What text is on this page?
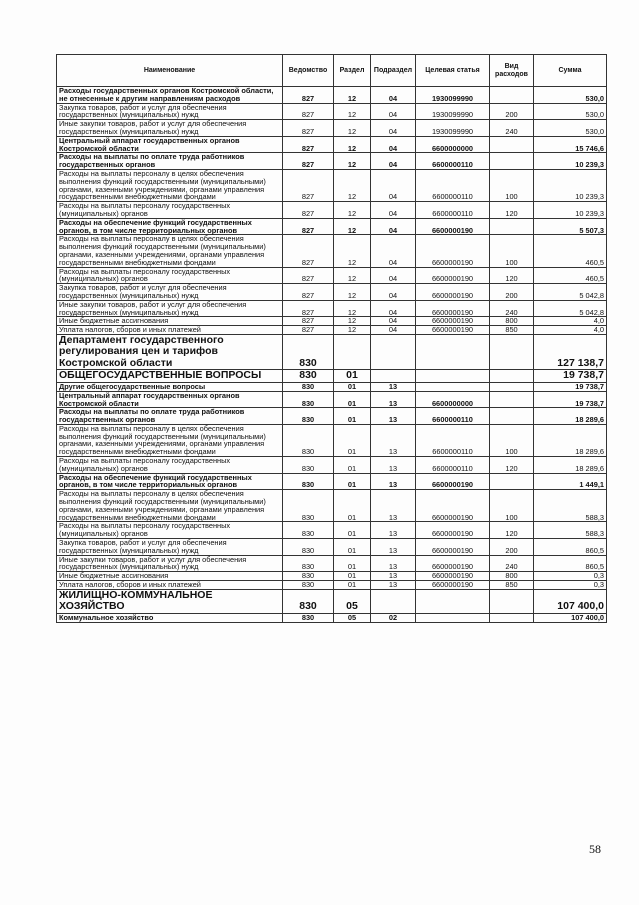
Наименование	Ведомство	Раздел	Подраздел	Целевая статья	Вид расходов	Сумма
Расходы государственных органов Костромской области, не отнесенные к другим направлениям расходов	827	12	04	1930099990		530,0
Закупка товаров, работ и услуг для обеспечения государственных (муниципальных) нужд	827	12	04	1930099990	200	530,0
Иные закупки товаров, работ и услуг для обеспечения государственных (муниципальных) нужд	827	12	04	1930099990	240	530,0
Центральный аппарат государственных органов Костромской области	827	12	04	6600000000		15 746,6
Расходы на выплаты по оплате труда работников государственных органов	827	12	04	6600000110		10 239,3
Расходы на выплаты персоналу в целях обеспечения выполнения функций государственными (муниципальными) органами, казенными учреждениями, органами управления государственными внебюджетными фондами	827	12	04	6600000110	100	10 239,3
Расходы на выплаты персоналу государственных (муниципальных) органов	827	12	04	6600000110	120	10 239,3
Расходы на обеспечение функций государственных органов, в том числе территориальных органов	827	12	04	6600000190		5 507,3
Расходы на выплаты персоналу в целях обеспечения выполнения функций государственными (муниципальными) органами, казенными учреждениями, органами управления государственными внебюджетными фондами	827	12	04	6600000190	100	460,5
Расходы на выплаты персоналу государственных (муниципальных) органов	827	12	04	6600000190	120	460,5
Закупка товаров, работ и услуг для обеспечения государственных (муниципальных) нужд	827	12	04	6600000190	200	5 042,8
Иные закупки товаров, работ и услуг для обеспечения государственных (муниципальных) нужд	827	12	04	6600000190	240	5 042,8
Иные бюджетные ассигнования	827	12	04	6600000190	800	4,0
Уплата налогов, сборов и иных платежей	827	12	04	6600000190	850	4,0
Департамент государственного регулирования цен и тарифов Костромской области	830					127 138,7
ОБЩЕГОСУДАРСТВЕННЫЕ ВОПРОСЫ	830	01				19 738,7
Другие общегосударственные вопросы	830	01	13			19 738,7
Центральный аппарат государственных органов Костромской области	830	01	13	6600000000		19 738,7
Расходы на выплаты по оплате труда работников государственных органов	830	01	13	6600000110		18 289,6
Расходы на выплаты персоналу в целях обеспечения выполнения функций государственными (муниципальными) органами, казенными учреждениями, органами управления государственными внебюджетными фондами	830	01	13	6600000110	100	18 289,6
Расходы на выплаты персоналу государственных (муниципальных) органов	830	01	13	6600000110	120	18 289,6
Расходы на обеспечение функций государственных органов, в том числе территориальных органов	830	01	13	6600000190		1 449,1
Расходы на выплаты персоналу в целях обеспечения выполнения функций государственными (муниципальными) органами, казенными учреждениями, органами управления государственными внебюджетными фондами	830	01	13	6600000190	100	588,3
Расходы на выплаты персоналу государственных (муниципальных) органов	830	01	13	6600000190	120	588,3
Закупка товаров, работ и услуг для обеспечения государственных (муниципальных) нужд	830	01	13	6600000190	200	860,5
Иные закупки товаров, работ и услуг для обеспечения государственных (муниципальных) нужд	830	01	13	6600000190	240	860,5
Иные бюджетные ассигнования	830	01	13	6600000190	800	0,3
Уплата налогов, сборов и иных платежей	830	01	13	6600000190	850	0,3
ЖИЛИЩНО-КОММУНАЛЬНОЕ ХОЗЯЙСТВО	830	05				107 400,0
Коммунальное хозяйство	830	05	02			107 400,0
58
